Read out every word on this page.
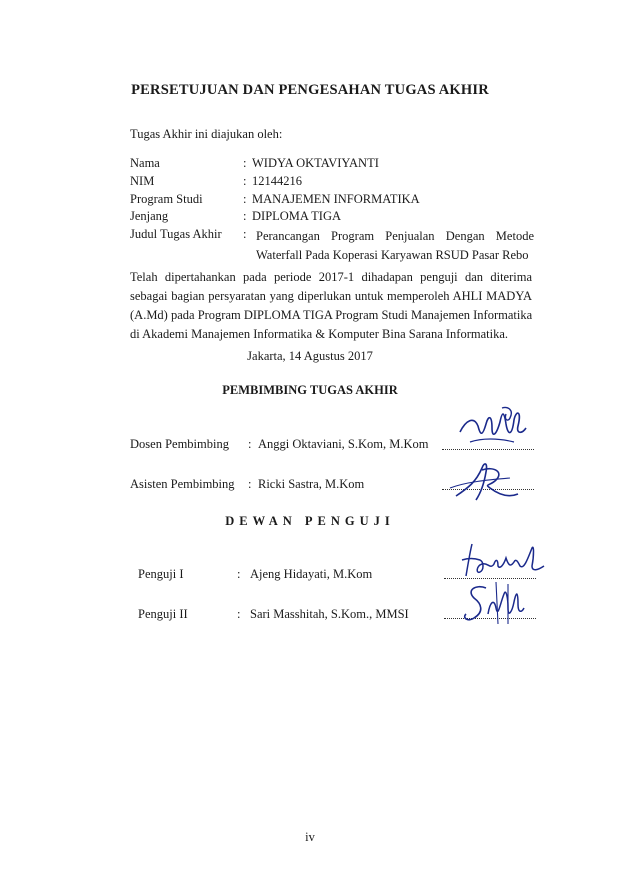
PERSETUJUAN DAN PENGESAHAN TUGAS AKHIR
Tugas Akhir ini diajukan oleh:
Nama	: WIDYA OKTAVIYANTI
NIM	: 12144216
Program Studi	: MANAJEMEN INFORMATIKA
Jenjang	: DIPLOMA TIGA
Judul Tugas Akhir : Perancangan Program Penjualan Dengan Metode
Waterfall Pada Koperasi Karyawan RSUD Pasar Rebo
Telah dipertahankan pada periode 2017-1 dihadapan penguji dan diterima
sebagai bagian persyaratan yang diperlukan untuk memperoleh AHLI MADYA
(A.Md) pada Program DIPLOMA TIGA Program Studi Manajemen Informatika
di Akademi Manajemen Informatika & Komputer Bina Sarana Informatika.
Jakarta, 14 Agustus 2017
PEMBIMBING TUGAS AKHIR
Dosen Pembimbing : Anggi Oktaviani, S.Kom, M.Kom
Asisten Pembimbing : Ricki Sastra, M.Kom
DEWAN PENGUJI
Penguji I	: Ajeng Hidayati, M.Kom
Penguji II	: Sari Masshitah, S.Kom., MMSI
iv
